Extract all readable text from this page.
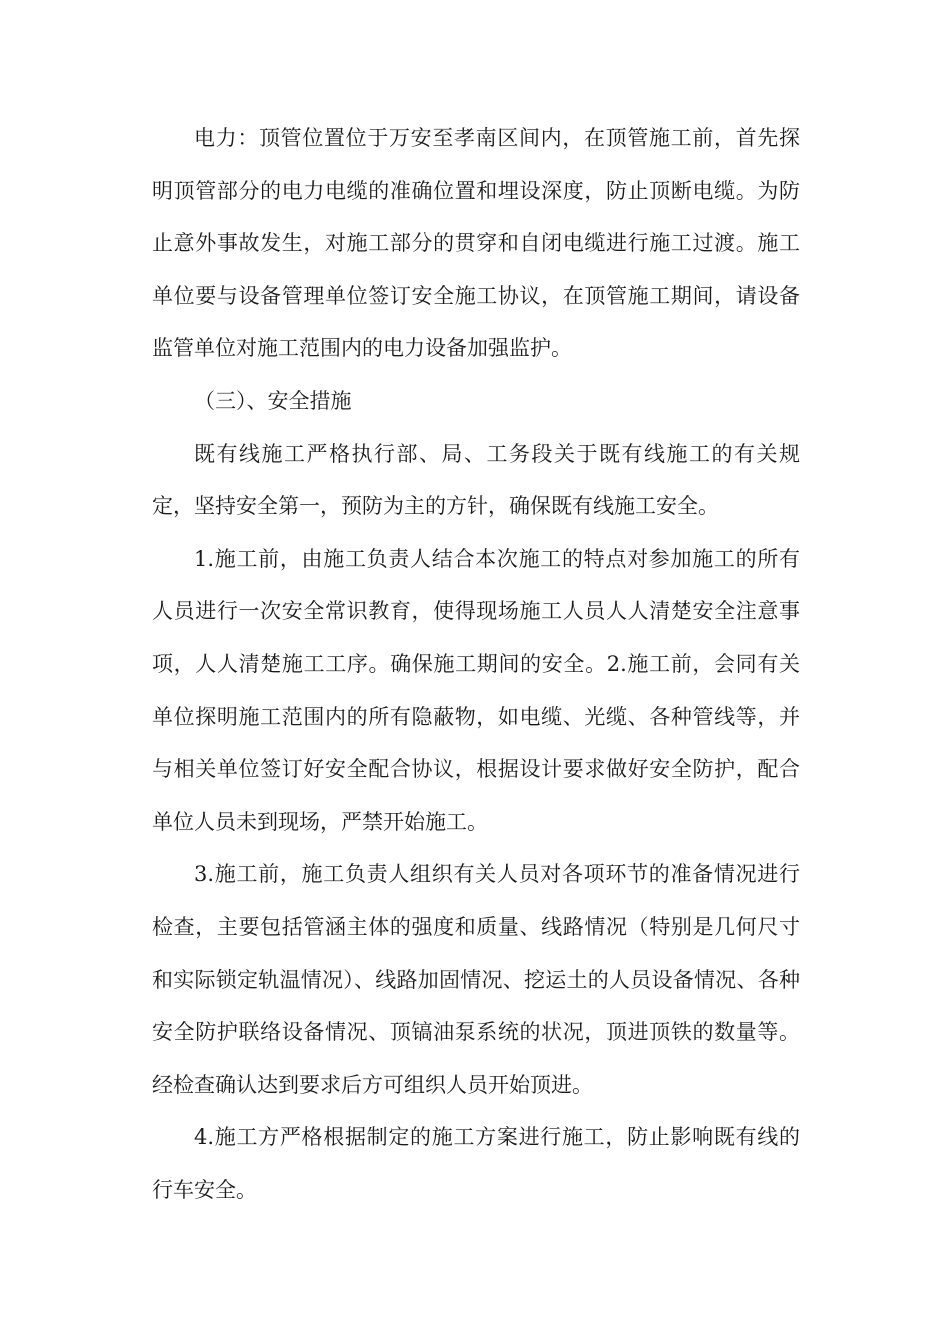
电力：顶管位置位于万安至孝南区间内，在顶管施工前，首先探明顶管部分的电力电缆的准确位置和埋设深度，防止顶断电缆。为防止意外事故发生，对施工部分的贯穿和自闭电缆进行施工过渡。施工单位要与设备管理单位签订安全施工协议，在顶管施工期间，请设备监管单位对施工范围内的电力设备加强监护。

（三）、安全措施

既有线施工严格执行部、局、工务段关于既有线施工的有关规定，坚持安全第一，预防为主的方针，确保既有线施工安全。

1.施工前，由施工负责人结合本次施工的特点对参加施工的所有人员进行一次安全常识教育，使得现场施工人员人人清楚安全注意事项，人人清楚施工工序。确保施工期间的安全。2.施工前，会同有关单位探明施工范围内的所有隐蔽物，如电缆、光缆、各种管线等，并与相关单位签订好安全配合协议，根据设计要求做好安全防护，配合单位人员未到现场，严禁开始施工。

3.施工前，施工负责人组织有关人员对各项环节的准备情况进行检查，主要包括管涵主体的强度和质量、线路情况（特别是几何尺寸和实际锁定轨温情况）、线路加固情况、挖运土的人员设备情况、各种安全防护联络设备情况、顶镐油泵系统的状况，顶进顶铁的数量等。经检查确认达到要求后方可组织人员开始顶进。

4.施工方严格根据制定的施工方案进行施工，防止影响既有线的行车安全。
